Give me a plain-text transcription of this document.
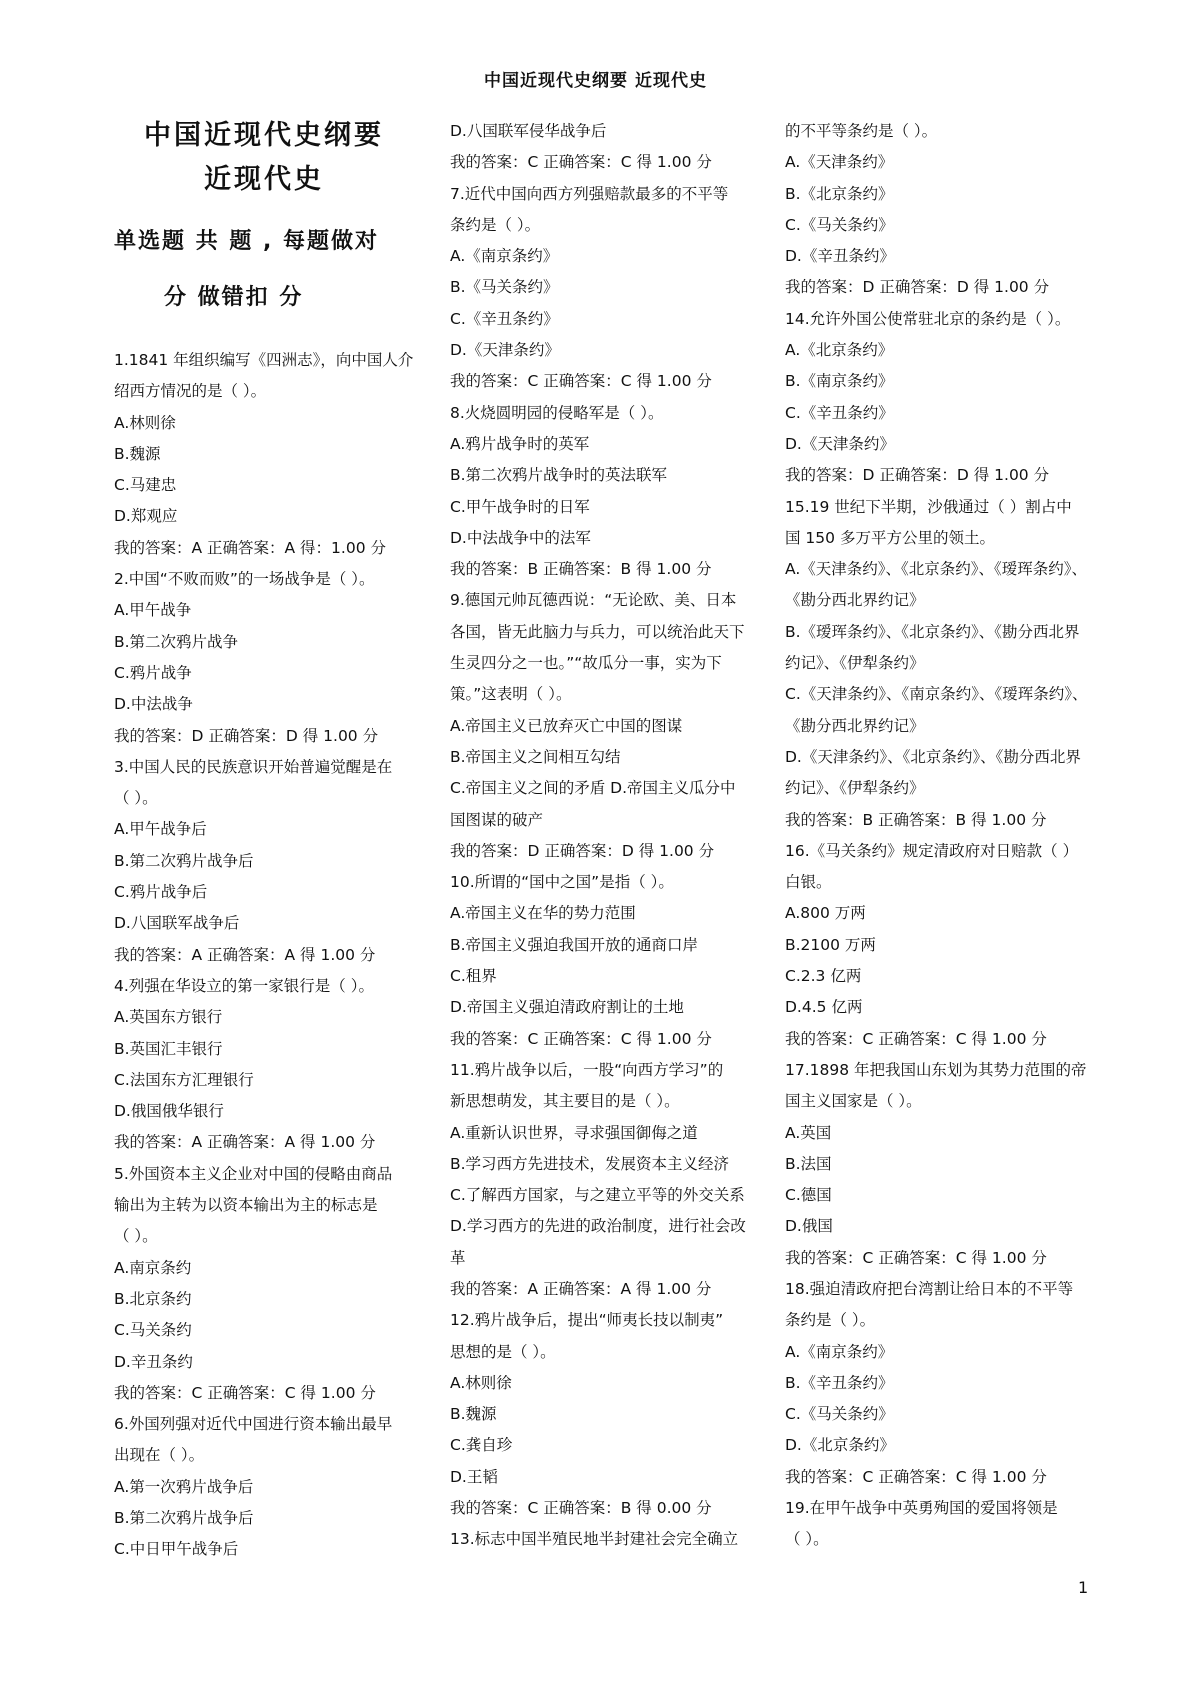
中国近现代史纲要 近现代史
中国近现代史纲要
近现代史
单选题 共 题 , 每题做对
分 做错扣 分
1.1841 年组织编写《四洲志》，向中国人介
绍西方情况的是（ ）。
A.林则徐
B.魏源
C.马建忠
D.郑观应
我的答案：A 正确答案：A 得：1.00 分
2.中国“不败而败”的一场战争是（ ）。
A.甲午战争
B.第二次鸦片战争
C.鸦片战争
D.中法战争
我的答案：D 正确答案：D 得 1.00 分
3.中国人民的民族意识开始普遍觉醒是在
（ ）。
A.甲午战争后
B.第二次鸦片战争后
C.鸦片战争后
D.八国联军战争后
我的答案：A 正确答案：A 得 1.00 分
4.列强在华设立的第一家银行是（ ）。
A.英国东方银行
B.英国汇丰银行
C.法国东方汇理银行
D.俄国俄华银行
我的答案：A 正确答案：A 得 1.00 分
5.外国资本主义企业对中国的侵略由商品
输出为主转为以资本输出为主的标志是
（ ）。
A.南京条约
B.北京条约
C.马关条约
D.辛丑条约
我的答案：C 正确答案：C 得 1.00 分
6.外国列强对近代中国进行资本输出最早
出现在（ ）。
A.第一次鸦片战争后
B.第二次鸦片战争后
C.中日甲午战争后
D.八国联军侵华战争后
我的答案：C 正确答案：C 得 1.00 分
7.近代中国向西方列强赔款最多的不平等
条约是（ ）。
A.《南京条约》
B.《马关条约》
C.《辛丑条约》
D.《天津条约》
我的答案：C 正确答案：C 得 1.00 分
8.火烧圆明园的侵略军是（ ）。
A.鸦片战争时的英军
B.第二次鸦片战争时的英法联军
C.甲午战争时的日军
D.中法战争中的法军
我的答案：B 正确答案：B 得 1.00 分
9.德国元帅瓦德西说：“无论欧、美、日本
各国，皆无此脑力与兵力，可以统治此天下
生灵四分之一也。”“故瓜分一事，实为下
策。”这表明（ ）。
A.帝国主义已放弃灭亡中国的图谋
B.帝国主义之间相互勾结
C.帝国主义之间的矛盾 D.帝国主义瓜分中
国图谋的破产
我的答案：D 正确答案：D 得 1.00 分
10.所谓的“国中之国”是指（ ）。
A.帝国主义在华的势力范围
B.帝国主义强迫我国开放的通商口岸
C.租界
D.帝国主义强迫清政府割让的土地
我的答案：C 正确答案：C 得 1.00 分
11.鸦片战争以后，一股“向西方学习”的
新思想萌发，其主要目的是（ ）。
A.重新认识世界，寻求强国御侮之道
B.学习西方先进技术，发展资本主义经济
C.了解西方国家，与之建立平等的外交关系
D.学习西方的先进的政治制度，进行社会改
革
我的答案：A 正确答案：A 得 1.00 分
12.鸦片战争后，提出“师夷长技以制夷”
思想的是（ ）。
A.林则徐
B.魏源
C.龚自珍
D.王韬
我的答案：C 正确答案：B 得 0.00 分
13.标志中国半殖民地半封建社会完全确立
的不平等条约是（ ）。
A.《天津条约》
B.《北京条约》
C.《马关条约》
D.《辛丑条约》
我的答案：D 正确答案：D 得 1.00 分
14.允许外国公使常驻北京的条约是（ ）。
A.《北京条约》
B.《南京条约》
C.《辛丑条约》
D.《天津条约》
我的答案：D 正确答案：D 得 1.00 分
15.19 世纪下半期，沙俄通过（ ）割占中
国 150 多万平方公里的领土。
A.《天津条约》、《北京条约》、《瑷珲条约》、
《勘分西北界约记》
B.《瑷珲条约》、《北京条约》、《勘分西北界
约记》、《伊犁条约》
C.《天津条约》、《南京条约》、《瑷珲条约》、
《勘分西北界约记》
D.《天津条约》、《北京条约》、《勘分西北界
约记》、《伊犁条约》
我的答案：B 正确答案：B 得 1.00 分
16.《马关条约》规定清政府对日赔款（ ）
白银。
A.800 万两
B.2100 万两
C.2.3 亿两
D.4.5 亿两
我的答案：C 正确答案：C 得 1.00 分
17.1898 年把我国山东划为其势力范围的帝
国主义国家是（ ）。
A.英国
B.法国
C.德国
D.俄国
我的答案：C 正确答案：C 得 1.00 分
18.强迫清政府把台湾割让给日本的不平等
条约是（ ）。
A.《南京条约》
B.《辛丑条约》
C.《马关条约》
D.《北京条约》
我的答案：C 正确答案：C 得 1.00 分
19.在甲午战争中英勇殉国的爱国将领是
（ ）。
1
